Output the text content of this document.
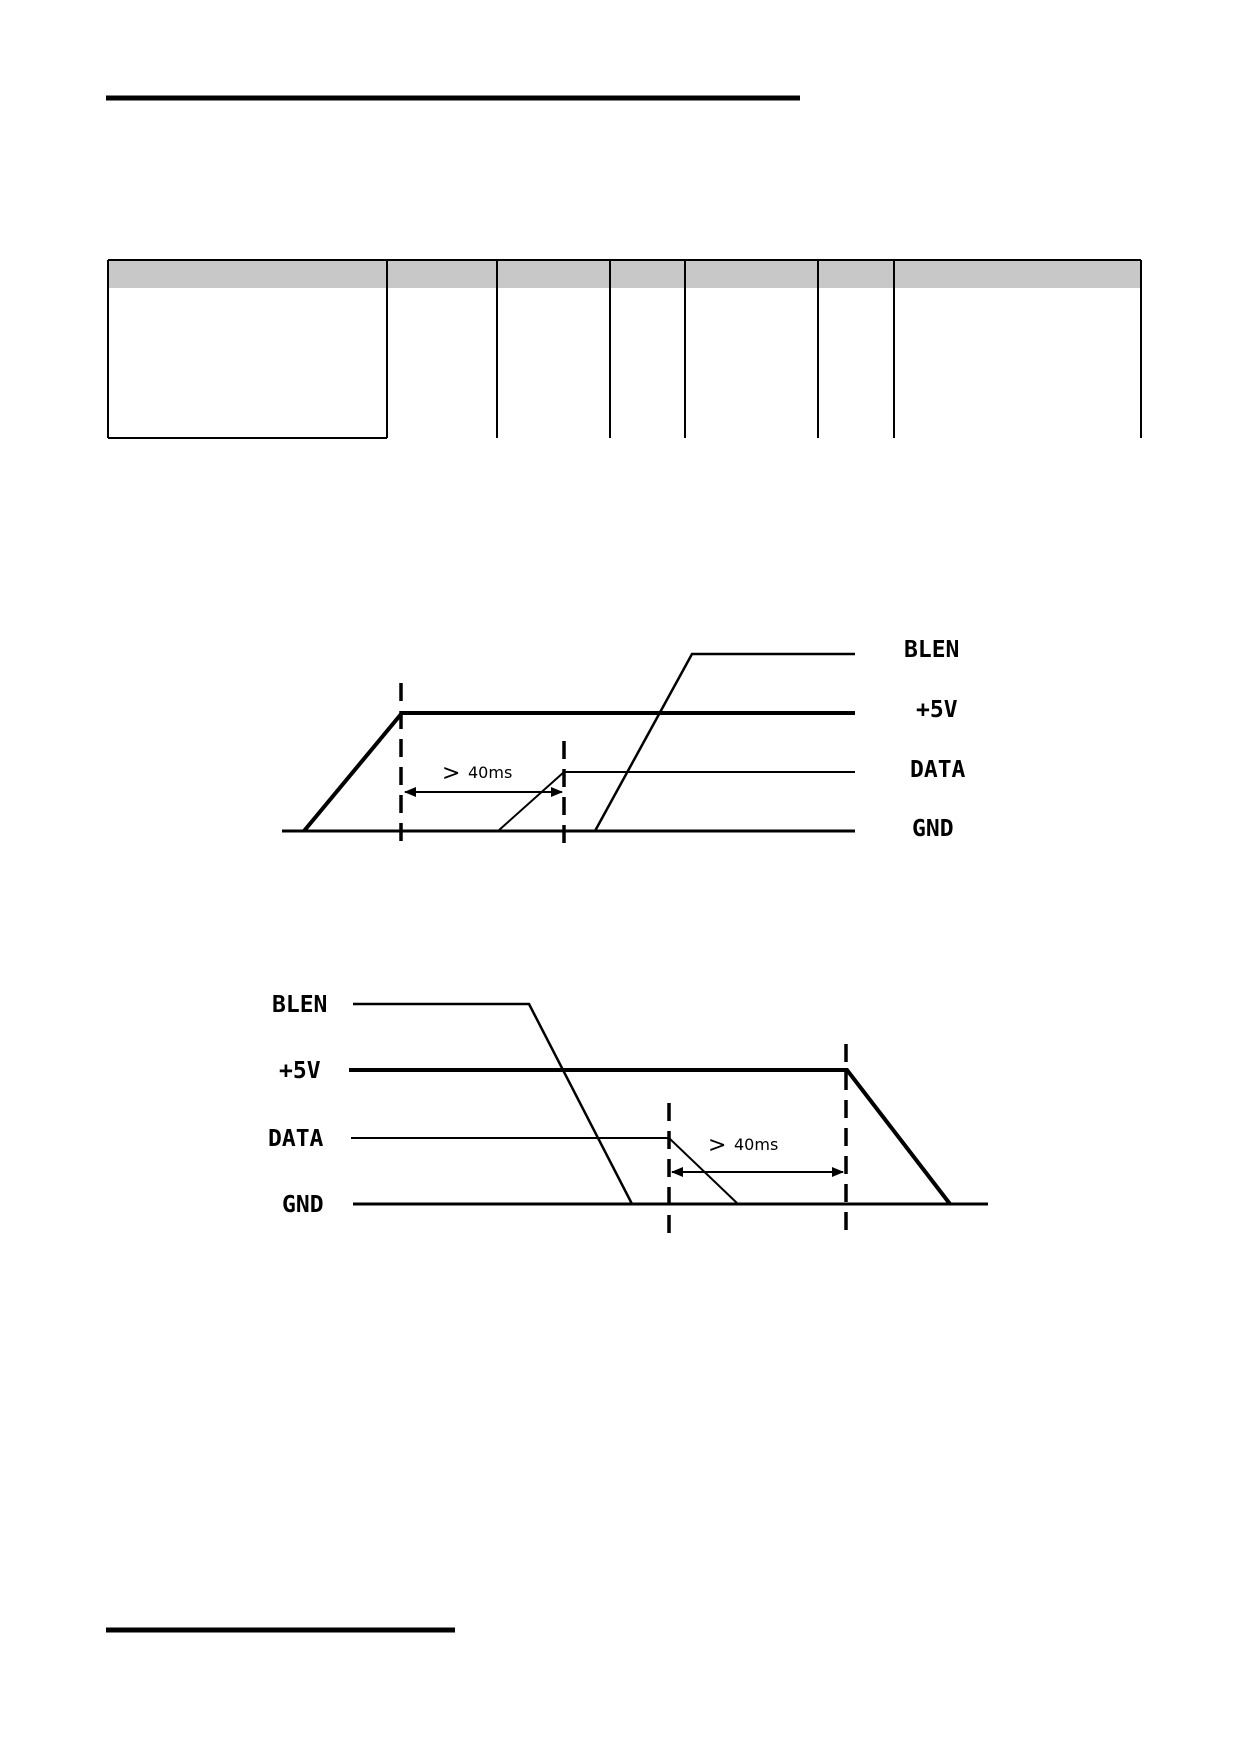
> 40ms
BLEN
+5V
DATA
GND
> 40ms
BLEN
+5V
DATA
GND
